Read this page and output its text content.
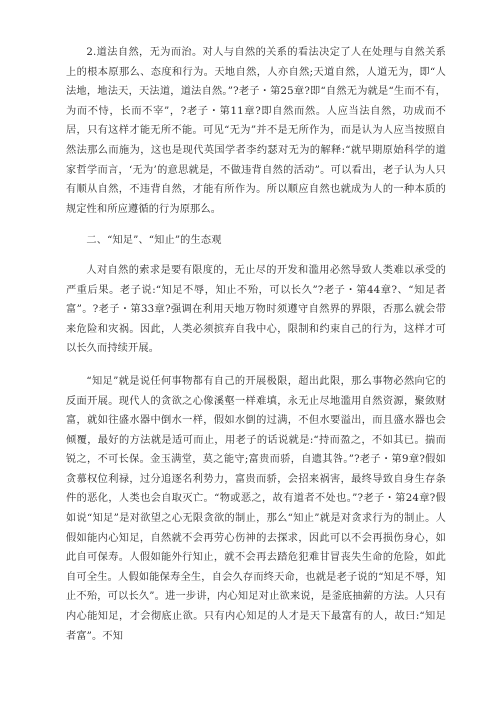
2.道法自然，无为而治。对人与自然的关系的看法决定了人在处理与自然关系上的根本原那么、态度和行为。天地自然，人亦自然;天道自然，人道无为，即“人法地，地法天，天法道，道法自然。”?老子・第25章?即“自然无为就是“生而不有，为而不恃，长而不宰”，?老子・第11章?即自然而然。人应当法自然，功成而不居，只有这样才能无所不能。可见“无为”并不是无所作为，而是认为人应当按照自然法那么而施为，这也是现代英国学者李约瑟对无为的解释:“就早期原始科学的道家哲学而言，‘无为’的意思就是，不做违背自然的活动”。可以看出，老子认为人只有顺从自然，不违背自然，才能有所作为。所以顺应自然也就成为人的一种本质的规定性和所应遵循的行为原那么。

二、“知足”、“知止”的生态观

人对自然的索求是要有限度的，无止尽的开发和滥用必然导致人类难以承受的严重后果。老子说:“知足不辱，知止不殆，可以长久”?老子・第44章?、“知足者富”。?老子・第33章?强调在利用天地万物时须遵守自然界的界限，否那么就会带来危险和灾祸。因此，人类必须摈弃自我中心，限制和约束自己的行为，这样才可以长久而持续开展。

“知足”就是说任何事物都有自己的开展极限，超出此限，那么事物必然向它的反面开展。现代人的贪欲之心像溪壑一样难填，永无止尽地滥用自然资源，聚敛财富，就如往盛水器中倒水一样，假如水倒的过满，不但水要溢出，而且盛水器也会倾覆，最好的方法就是适可而止，用老子的话说就是:“持而盈之，不如其已。揣而锐之，不可长保。金玉满堂，莫之能守;富贵而骄，自遗其咎。”?老子・第9章?假如贪慕权位利禄，过分追逐名利势力，富贵而骄，会招来祸害，最终导致自身生存条件的恶化，人类也会自取灭亡。“物或恶之，故有道者不处也。”?老子・第24章?假如说“知足”是对欲望之心无限贪欲的制止，那么“知止”就是对贪求行为的制止。人假如能内心知足，自然就不会再劳心伤神的去探求，因此可以不会再损伤身心，如此自可保寿。人假如能外行知止，就不会再去踏危犯难甘冒丧失生命的危险，如此自可全生。人假如能保寿全生，自会久存而终天命，也就是老子说的“知足不辱，知止不殆，可以长久”。进一步讲，内心知足对止欲来说，是釜底抽薪的方法。人只有内心能知足，才会彻底止欲。只有内心知足的人才是天下最富有的人，故曰:“知足者富”。不知
